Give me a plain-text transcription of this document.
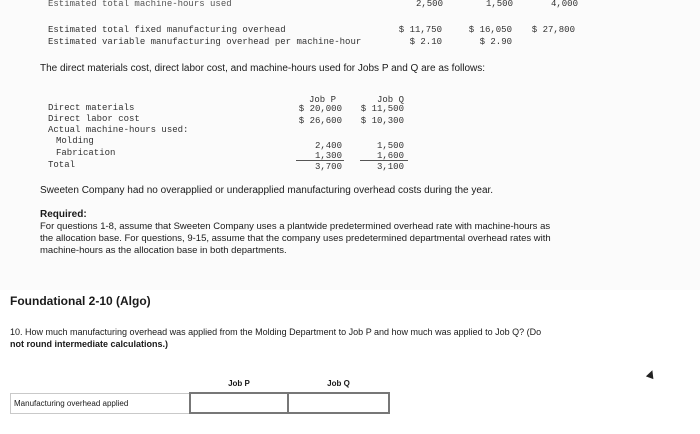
Estimated total machine-hours used	2,500	1,500	4,000
Estimated total fixed manufacturing overhead	$ 11,750	$ 16,050	$ 27,800
Estimated variable manufacturing overhead per machine-hour	$ 2.10	$ 2.90
The direct materials cost, direct labor cost, and machine-hours used for Jobs P and Q are as follows:
Job P	Job Q
Direct materials	$ 20,000	$ 11,500
Direct labor cost	$ 26,600	$ 10,300
Actual machine-hours used:
Molding	2,400	1,500
Fabrication	1,300	1,600
Total	3,700	3,100
Sweeten Company had no overapplied or underapplied manufacturing overhead costs during the year.
Required:
For questions 1-8, assume that Sweeten Company uses a plantwide predetermined overhead rate with machine-hours as
the allocation base. For questions, 9-15, assume that the company uses predetermined departmental overhead rates with
machine-hours as the allocation base in both departments.
Foundational 2-10 (Algo)
10. How much manufacturing overhead was applied from the Molding Department to Job P and how much was applied to Job Q? (Do
not round intermediate calculations.)
	Job P	Job Q
Manufacturing overhead applied		
